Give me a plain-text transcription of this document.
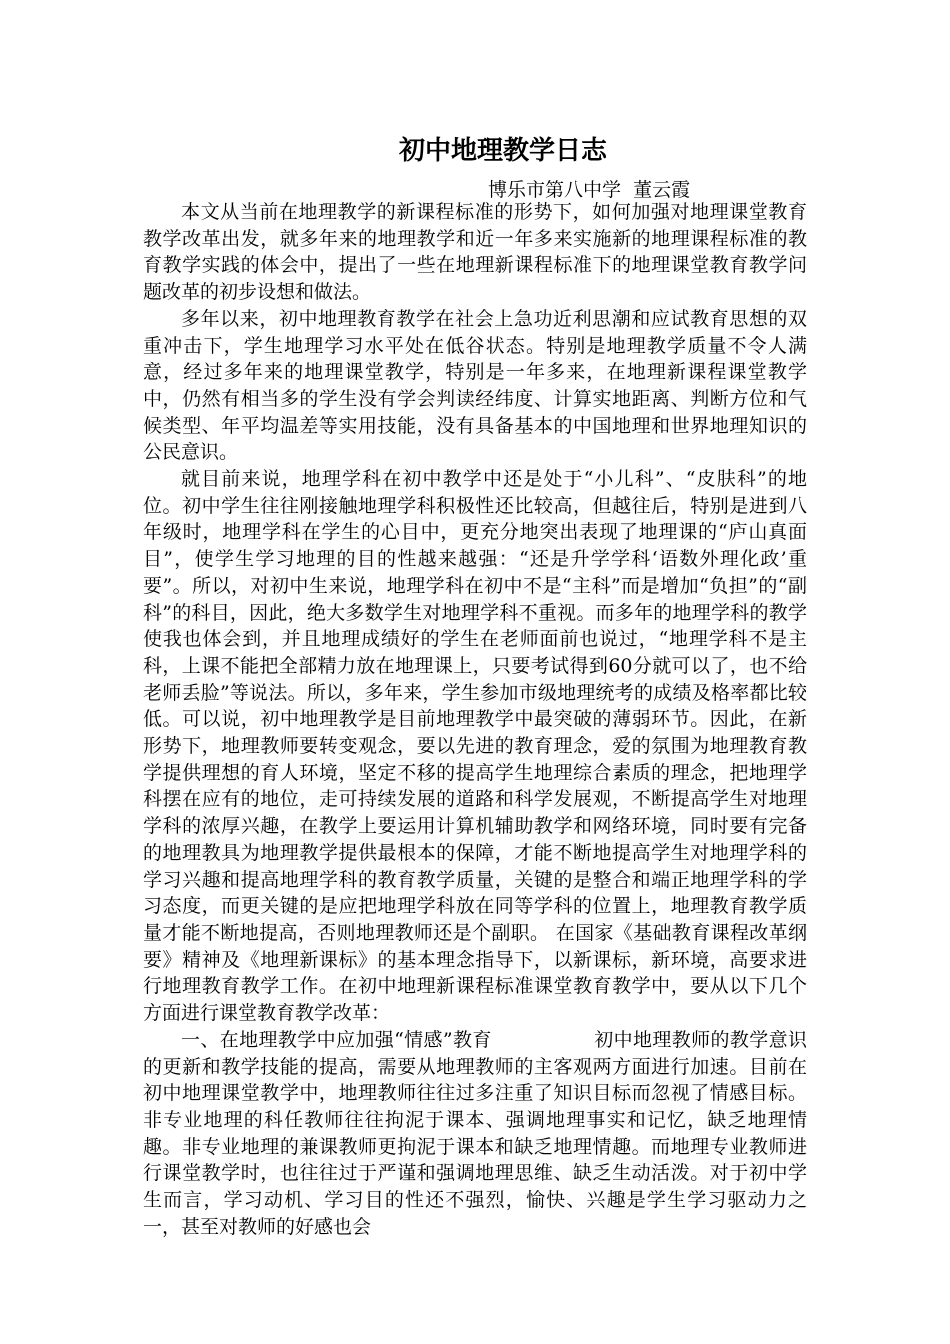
初中地理教学日志
博乐市第八中学  董云霞

本文从当前在地理教学的新课程标准的形势下，如何加强对地理课堂教育教学改革出发，就多年来的地理教学和近一年多来实施新的地理课程标准的教育教学实践的体会中，提出了一些在地理新课程标准下的地理课堂教育教学问题改革的初步设想和做法。

多年以来，初中地理教育教学在社会上急功近利思潮和应试教育思想的双重冲击下，学生地理学习水平处在低谷状态。特别是地理教学质量不令人满意，经过多年来的地理课堂教学，特别是一年多来，在地理新课程课堂教学中，仍然有相当多的学生没有学会判读经纬度、计算实地距离、判断方位和气候类型、年平均温差等实用技能，没有具备基本的中国地理和世界地理知识的公民意识。

就目前来说，地理学科在初中教学中还是处于“小儿科”、“皮肤科”的地位。初中学生往往刚接触地理学科积极性还比较高，但越往后，特别是进到八年级时，地理学科在学生的心目中，更充分地突出表现了地理课的“庐山真面目”，使学生学习地理的目的性越来越强：“还是升学学科‘语数外理化政’重要”。所以，对初中生来说，地理学科在初中不是“主科”而是增加“负担”的“副科”的科目，因此，绝大多数学生对地理学科不重视。而多年的地理学科的教学使我也体会到，并且地理成绩好的学生在老师面前也说过，“地理学科不是主科，上课不能把全部精力放在地理课上，只要考试得到60分就可以了，也不给老师丢脸”等说法。所以，多年来，学生参加市级地理统考的成绩及格率都比较低。可以说，初中地理教学是目前地理教学中最突破的薄弱环节。因此，在新形势下，地理教师要转变观念，要以先进的教育理念，爱的氛围为地理教育教学提供理想的育人环境，坚定不移的提高学生地理综合素质的理念，把地理学科摆在应有的地位，走可持续发展的道路和科学发展观，不断提高学生对地理学科的浓厚兴趣，在教学上要运用计算机辅助教学和网络环境，同时要有完备的地理教具为地理教学提供最根本的保障，才能不断地提高学生对地理学科的学习兴趣和提高地理学科的教育教学质量，关键的是整合和端正地理学科的学习态度，而更关键的是应把地理学科放在同等学科的位置上，地理教育教学质量才能不断地提高，否则地理教师还是个副职。 在国家《基础教育课程改革纲要》精神及《地理新课标》的基本理念指导下，以新课标，新环境，高要求进行地理教育教学工作。在初中地理新课程标准课堂教育教学中，要从以下几个方面进行课堂教育教学改革：

一、在地理教学中应加强“情感”教育	初中地理教师的教学意识的更新和教学技能的提高，需要从地理教师的主客观两方面进行加速。目前在初中地理课堂教学中，地理教师往往过多注重了知识目标而忽视了情感目标。非专业地理的科任教师往往拘泥于课本、强调地理事实和记忆，缺乏地理情趣。非专业地理的兼课教师更拘泥于课本和缺乏地理情趣。而地理专业教师进行课堂教学时，也往往过于严谨和强调地理思维、缺乏生动活泼。对于初中学生而言，学习动机、学习目的性还不强烈，愉快、兴趣是学生学习驱动力之一，甚至对教师的好感也会
